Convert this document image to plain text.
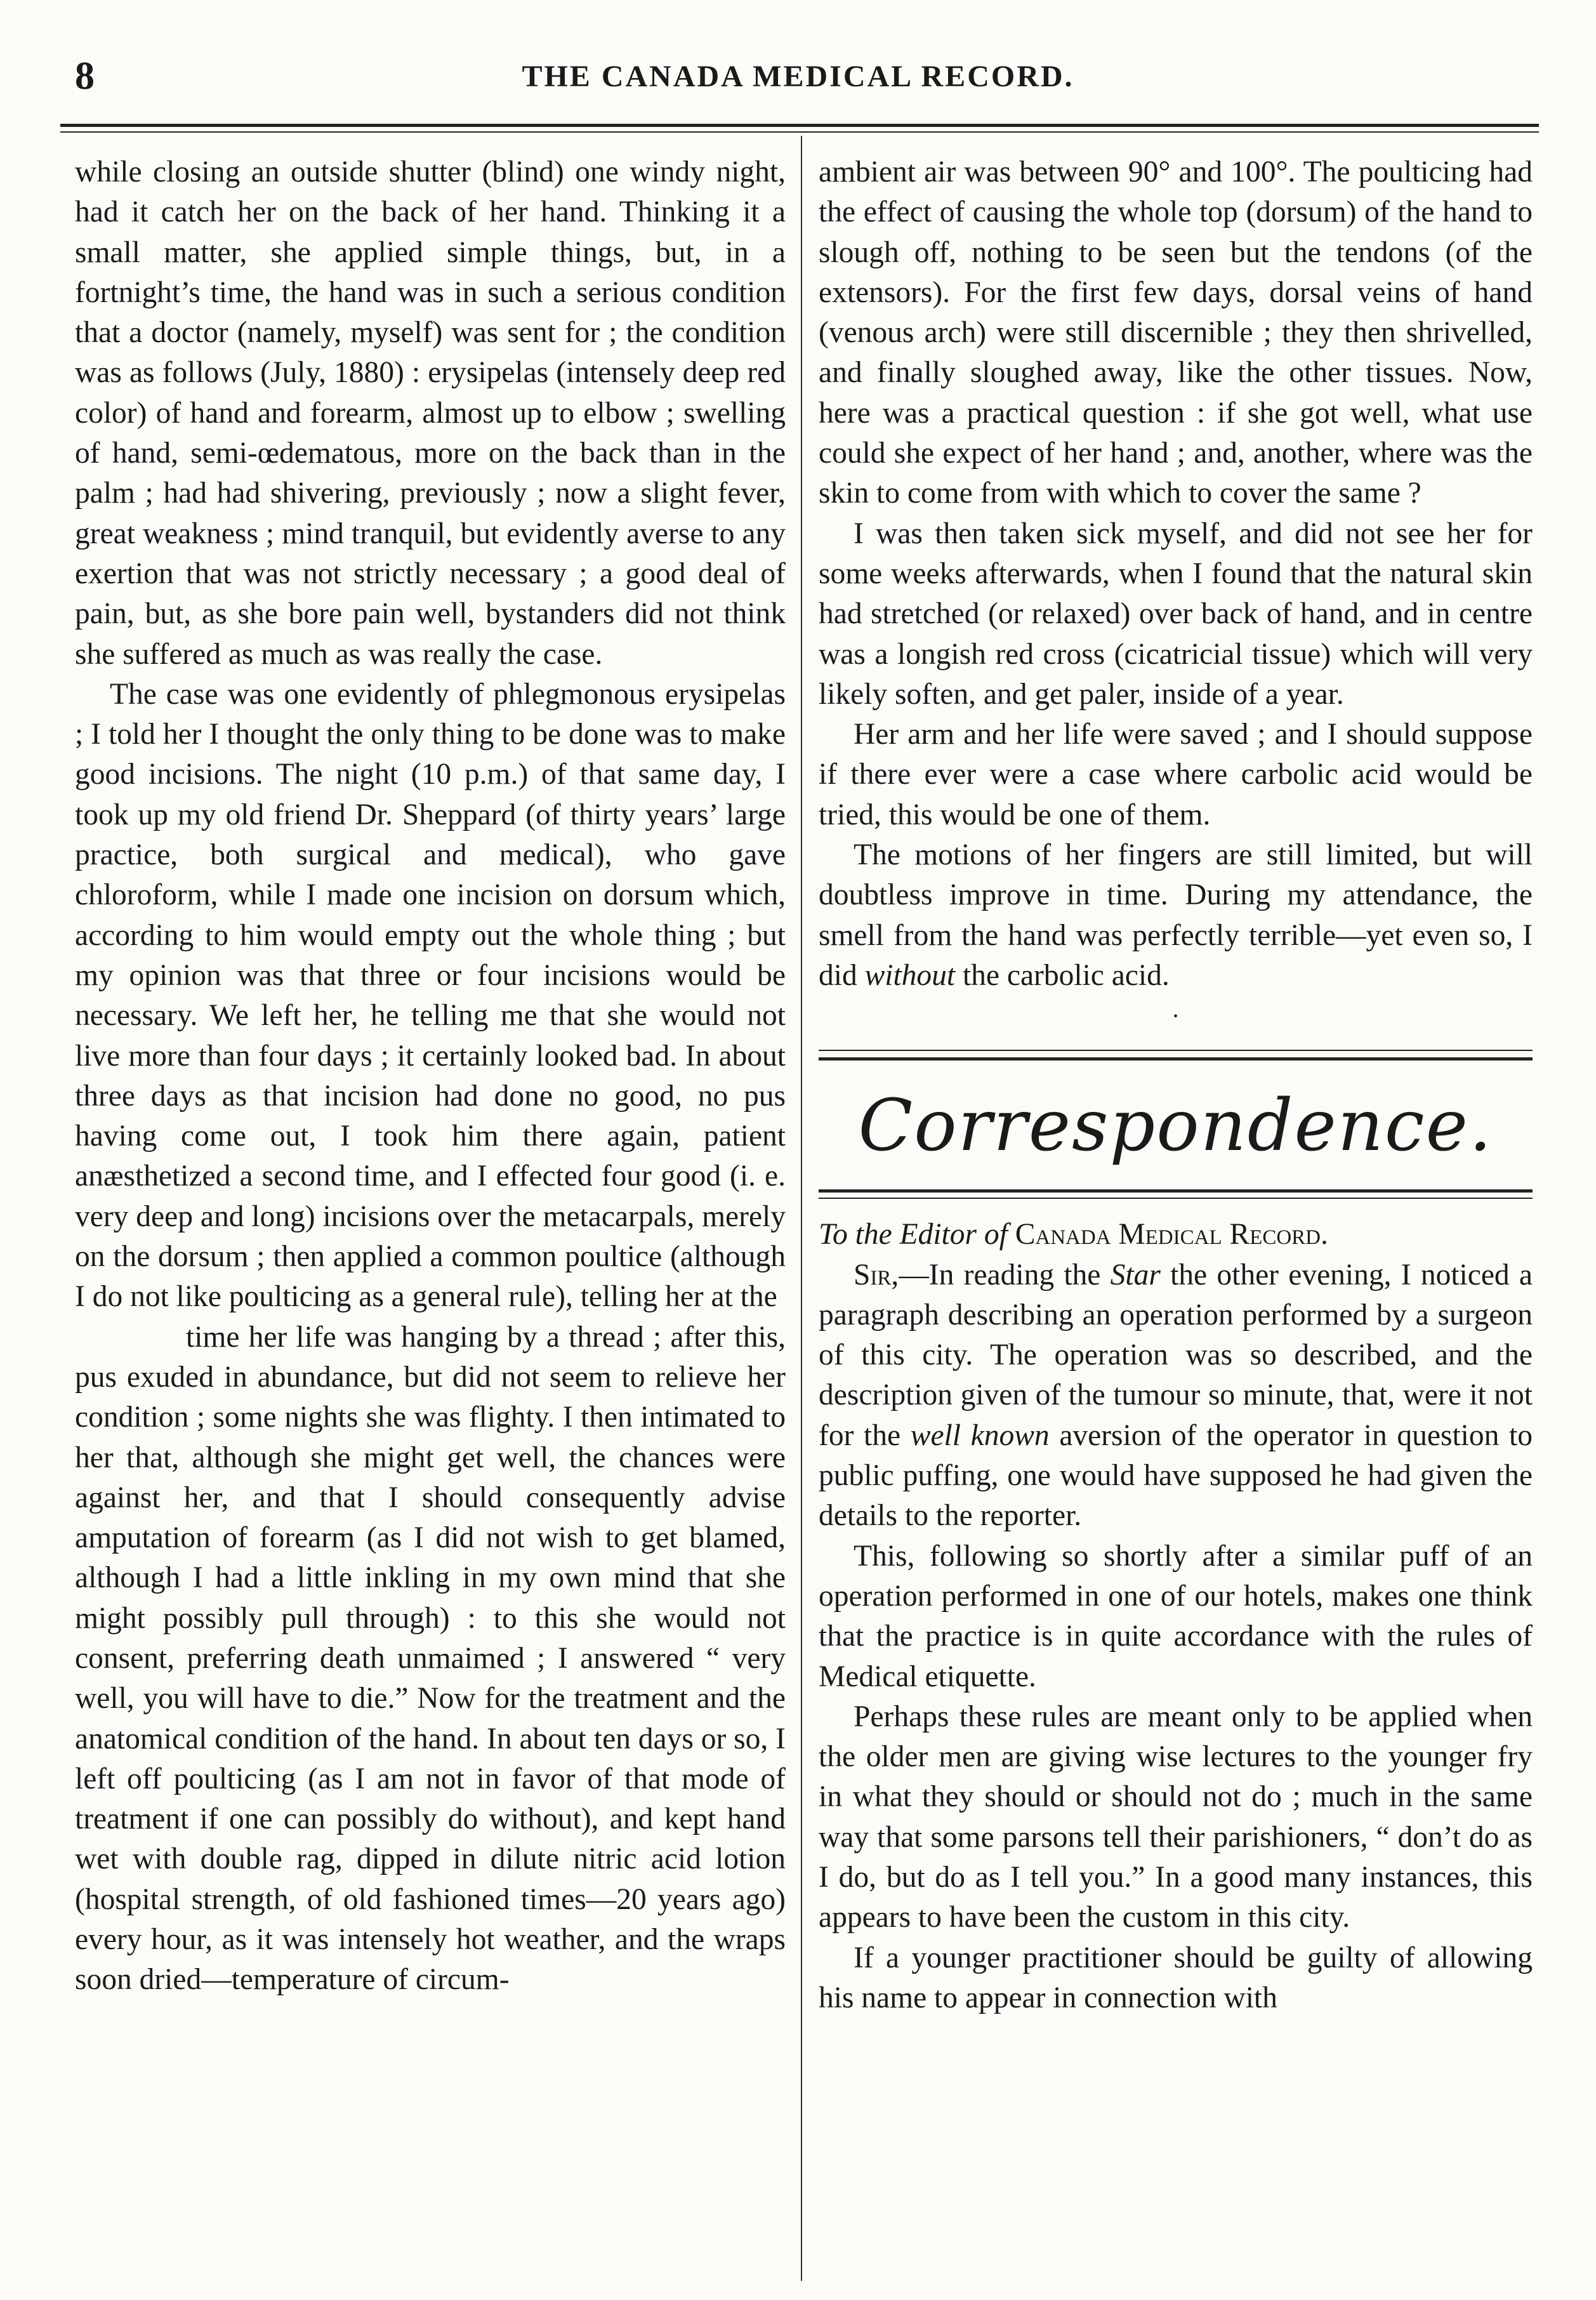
8	THE CANADA MEDICAL RECORD.

while closing an outside shutter (blind) one windy night, had it catch her on the back of her hand. Thinking it a small matter, she applied simple things, but, in a fortnight’s time, the hand was in such a serious condition that a doctor (namely, myself) was sent for ; the condition was as follows (July, 1880) : erysipelas (intensely deep red color) of hand and forearm, almost up to elbow ; swelling of hand, semi-œdematous, more on the back than in the palm ; had had shivering, previously ; now a slight fever, great weakness ; mind tranquil, but evidently averse to any exertion that was not strictly necessary ; a good deal of pain, but, as she bore pain well, bystanders did not think she suffered as much as was really the case.

The case was one evidently of phlegmonous erysipelas ; I told her I thought the only thing to be done was to make good incisions. The night (10 p.m.) of that same day, I took up my old friend Dr. Sheppard (of thirty years’ large practice, both surgical and medical), who gave chloroform, while I made one incision on dorsum which, according to him would empty out the whole thing ; but my opinion was that three or four incisions would be necessary. We left her, he telling me that she would not live more than four days ; it certainly looked bad. In about three days as that incision had done no good, no pus having come out, I took him there again, patient anæsthetized a second time, and I effected four good (i. e. very deep and long) incisions over the metacarpals, merely on the dorsum ; then applied a common poultice (although I do not like poulticing as a general rule), telling her at the

time her life was hanging by a thread ; after this, pus exuded in abundance, but did not seem to relieve her condition ; some nights she was flighty. I then intimated to her that, although she might get well, the chances were against her, and that I should consequently advise amputation of forearm (as I did not wish to get blamed, although I had a little inkling in my own mind that she might possibly pull through) : to this she would not consent, preferring death unmaimed ; I answered “ very well, you will have to die.” Now for the treatment and the anatomical condition of the hand. In about ten days or so, I left off poulticing (as I am not in favor of that mode of treatment if one can possibly do without), and kept hand wet with double rag, dipped in dilute nitric acid lotion (hospital strength, of old fashioned times—20 years ago) every hour, as it was intensely hot weather, and the wraps soon dried—temperature of circum-

ambient air was between 90° and 100°. The poulticing had the effect of causing the whole top (dorsum) of the hand to slough off, nothing to be seen but the tendons (of the extensors). For the first few days, dorsal veins of hand (venous arch) were still discernible ; they then shrivelled, and finally sloughed away, like the other tissues. Now, here was a practical question : if she got well, what use could she expect of her hand ; and, another, where was the skin to come from with which to cover the same ?

I was then taken sick myself, and did not see her for some weeks afterwards, when I found that the natural skin had stretched (or relaxed) over back of hand, and in centre was a longish red cross (cicatricial tissue) which will very likely soften, and get paler, inside of a year.

Her arm and her life were saved ; and I should suppose if there ever were a case where carbolic acid would be tried, this would be one of them.

The motions of her fingers are still limited, but will doubtless improve in time. During my attendance, the smell from the hand was perfectly terrible—yet even so, I did without the carbolic acid.

·
Correspondence.

To the Editor of Canada Medical Record.

Sir,—In reading the Star the other evening, I noticed a paragraph describing an operation performed by a surgeon of this city. The operation was so described, and the description given of the tumour so minute, that, were it not for the well known aversion of the operator in question to public puffing, one would have supposed he had given the details to the reporter.

This, following so shortly after a similar puff of an operation performed in one of our hotels, makes one think that the practice is in quite accordance with the rules of Medical etiquette.

Perhaps these rules are meant only to be applied when the older men are giving wise lectures to the younger fry in what they should or should not do ; much in the same way that some parsons tell their parishioners, “ don’t do as I do, but do as I tell you.” In a good many instances, this appears to have been the custom in this city.

If a younger practitioner should be guilty of allowing his name to appear in connection with
